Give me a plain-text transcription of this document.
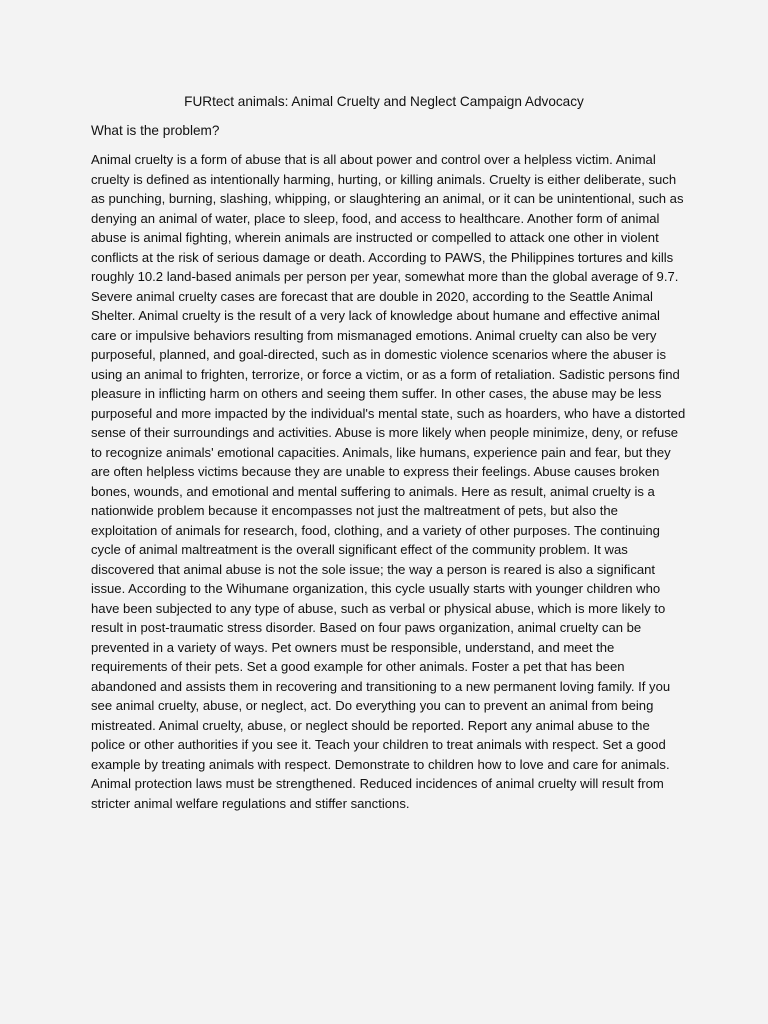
FURtect animals: Animal Cruelty and Neglect Campaign Advocacy
What is the problem?

Animal cruelty is a form of abuse that is all about power and control over a helpless victim. Animal cruelty is defined as intentionally harming, hurting, or killing animals. Cruelty is either deliberate, such as punching, burning, slashing, whipping, or slaughtering an animal, or it can be unintentional, such as denying an animal of water, place to sleep, food, and access to healthcare. Another form of animal abuse is animal fighting, wherein animals are instructed or compelled to attack one other in violent conflicts at the risk of serious damage or death. According to PAWS, the Philippines tortures and kills roughly 10.2 land-based animals per person per year, somewhat more than the global average of 9.7. Severe animal cruelty cases are forecast that are double in 2020, according to the Seattle Animal Shelter. Animal cruelty is the result of a very lack of knowledge about humane and effective animal care or impulsive behaviors resulting from mismanaged emotions. Animal cruelty can also be very purposeful, planned, and goal-directed, such as in domestic violence scenarios where the abuser is using an animal to frighten, terrorize, or force a victim, or as a form of retaliation. Sadistic persons find pleasure in inflicting harm on others and seeing them suffer. In other cases, the abuse may be less purposeful and more impacted by the individual's mental state, such as hoarders, who have a distorted sense of their surroundings and activities. Abuse is more likely when people minimize, deny, or refuse to recognize animals' emotional capacities. Animals, like humans, experience pain and fear, but they are often helpless victims because they are unable to express their feelings. Abuse causes broken bones, wounds, and emotional and mental suffering to animals. Here as result, animal cruelty is a nationwide problem because it encompasses not just the maltreatment of pets, but also the exploitation of animals for research, food, clothing, and a variety of other purposes. The continuing cycle of animal maltreatment is the overall significant effect of the community problem. It was discovered that animal abuse is not the sole issue; the way a person is reared is also a significant issue. According to the Wihumane organization, this cycle usually starts with younger children who have been subjected to any type of abuse, such as verbal or physical abuse, which is more likely to result in post-traumatic stress disorder. Based on four paws organization, animal cruelty can be prevented in a variety of ways. Pet owners must be responsible, understand, and meet the requirements of their pets. Set a good example for other animals. Foster a pet that has been abandoned and assists them in recovering and transitioning to a new permanent loving family. If you see animal cruelty, abuse, or neglect, act. Do everything you can to prevent an animal from being mistreated. Animal cruelty, abuse, or neglect should be reported. Report any animal abuse to the police or other authorities if you see it. Teach your children to treat animals with respect. Set a good example by treating animals with respect. Demonstrate to children how to love and care for animals. Animal protection laws must be strengthened. Reduced incidences of animal cruelty will result from stricter animal welfare regulations and stiffer sanctions.
